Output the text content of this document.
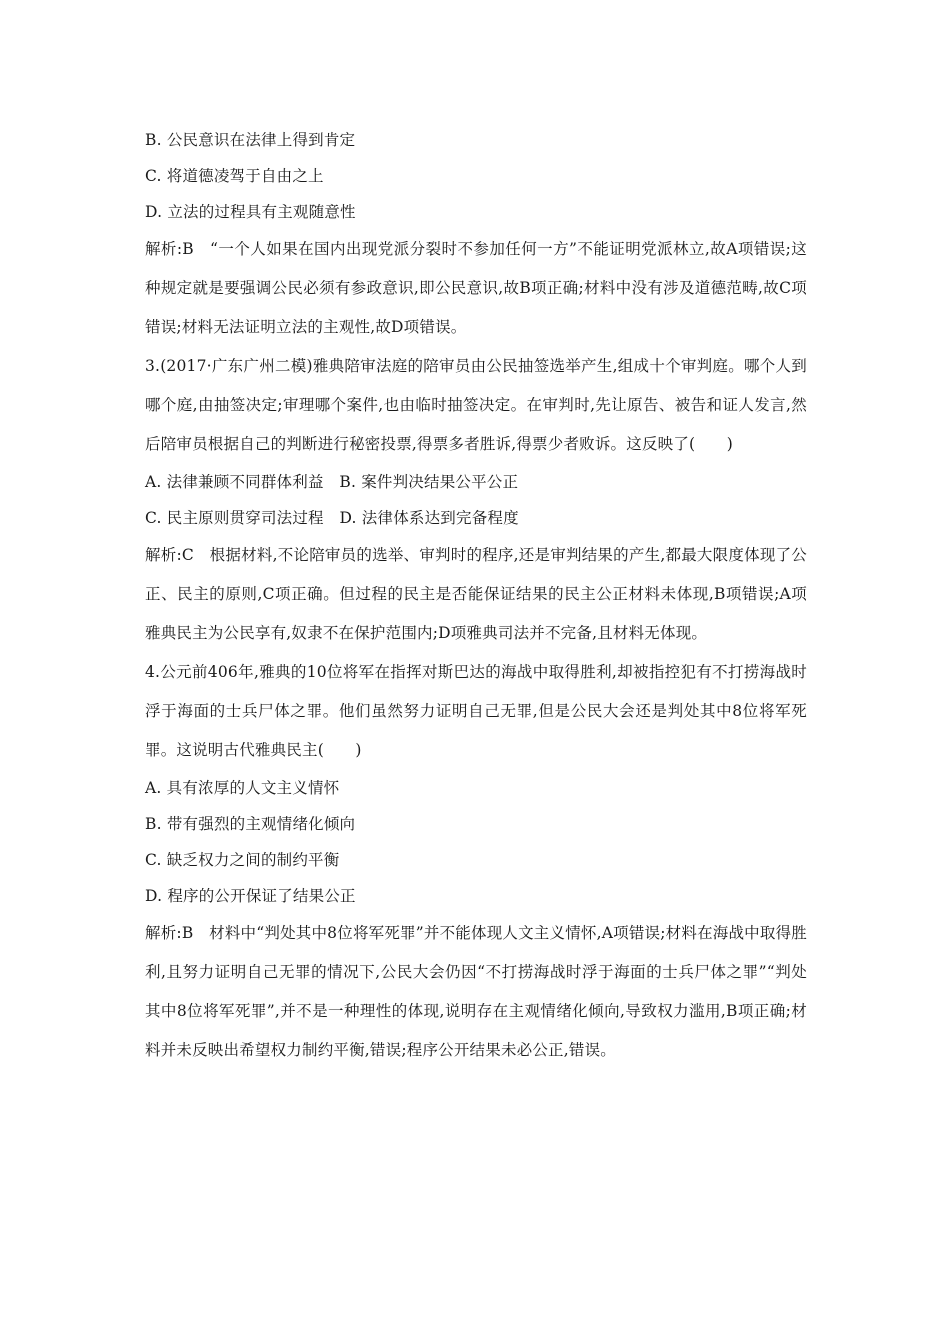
B. 公民意识在法律上得到肯定

C. 将道德凌驾于自由之上

D. 立法的过程具有主观随意性

解析:B　“一个人如果在国内出现党派分裂时不参加任何一方”不能证明党派林立,故A项错误;这种规定就是要强调公民必须有参政意识,即公民意识,故B项正确;材料中没有涉及道德范畴,故C项错误;材料无法证明立法的主观性,故D项错误。

3.(2017·广东广州二模)雅典陪审法庭的陪审员由公民抽签选举产生,组成十个审判庭。哪个人到哪个庭,由抽签决定;审理哪个案件,也由临时抽签决定。在审判时,先让原告、被告和证人发言,然后陪审员根据自己的判断进行秘密投票,得票多者胜诉,得票少者败诉。这反映了(　　)

A. 法律兼顾不同群体利益　B. 案件判决结果公平公正

C. 民主原则贯穿司法过程　D. 法律体系达到完备程度

解析:C　根据材料,不论陪审员的选举、审判时的程序,还是审判结果的产生,都最大限度体现了公正、民主的原则,C项正确。但过程的民主是否能保证结果的民主公正材料未体现,B项错误;A项雅典民主为公民享有,奴隶不在保护范围内;D项雅典司法并不完备,且材料无体现。

4.公元前406年,雅典的10位将军在指挥对斯巴达的海战中取得胜利,却被指控犯有不打捞海战时浮于海面的士兵尸体之罪。他们虽然努力证明自己无罪,但是公民大会还是判处其中8位将军死罪。这说明古代雅典民主(　　)

A. 具有浓厚的人文主义情怀

B. 带有强烈的主观情绪化倾向

C. 缺乏权力之间的制约平衡

D. 程序的公开保证了结果公正

解析:B　材料中“判处其中8位将军死罪”并不能体现人文主义情怀,A项错误;材料在海战中取得胜利,且努力证明自己无罪的情况下,公民大会仍因“不打捞海战时浮于海面的士兵尸体之罪”“判处其中8位将军死罪”,并不是一种理性的体现,说明存在主观情绪化倾向,导致权力滥用,B项正确;材料并未反映出希望权力制约平衡,错误;程序公开结果未必公正,错误。
